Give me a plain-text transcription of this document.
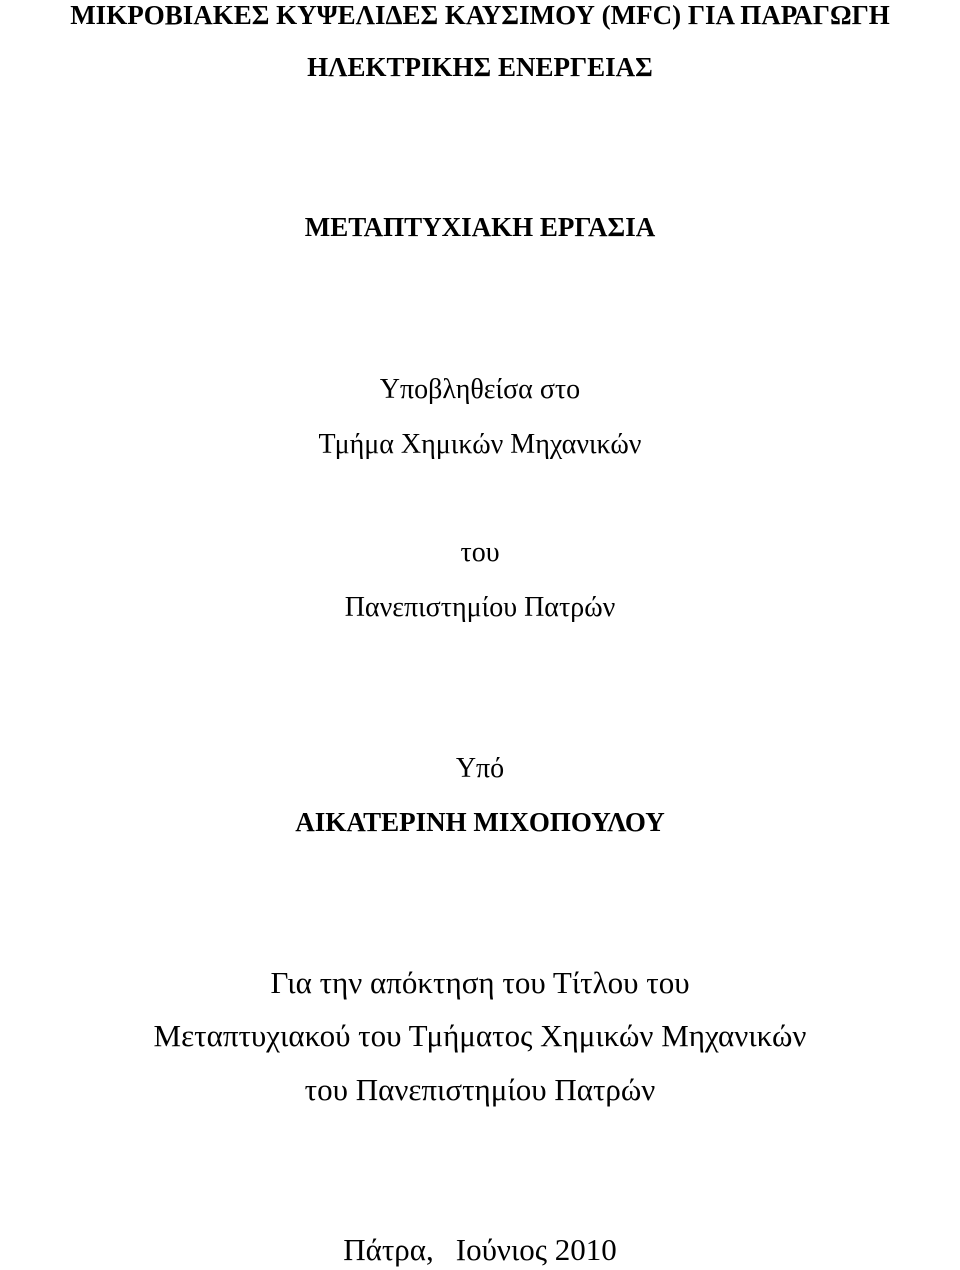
ΜΙΚΡΟΒΙΑΚΕΣ ΚΥΨΕΛΙΔΕΣ ΚΑΥΣΙΜΟΥ (MFC) ΓΙΑ ΠΑΡΑΓΩΓΗ
ΗΛΕΚΤΡΙΚΗΣ ΕΝΕΡΓΕΙΑΣ
ΜΕΤΑΠΤΥΧΙΑΚΗ ΕΡΓΑΣΙΑ
Υποβληθείσα στο
Τμήμα Χημικών Μηχανικών
του
Πανεπιστημίου Πατρών
Υπό
ΑΙΚΑΤΕΡΙΝΗ ΜΙΧΟΠΟΥΛΟΥ
Για την απόκτηση του Τίτλου του
Μεταπτυχιακού του Τμήματος Χημικών Μηχανικών
του Πανεπιστημίου Πατρών
Πάτρα, Ιούνιος 2010
